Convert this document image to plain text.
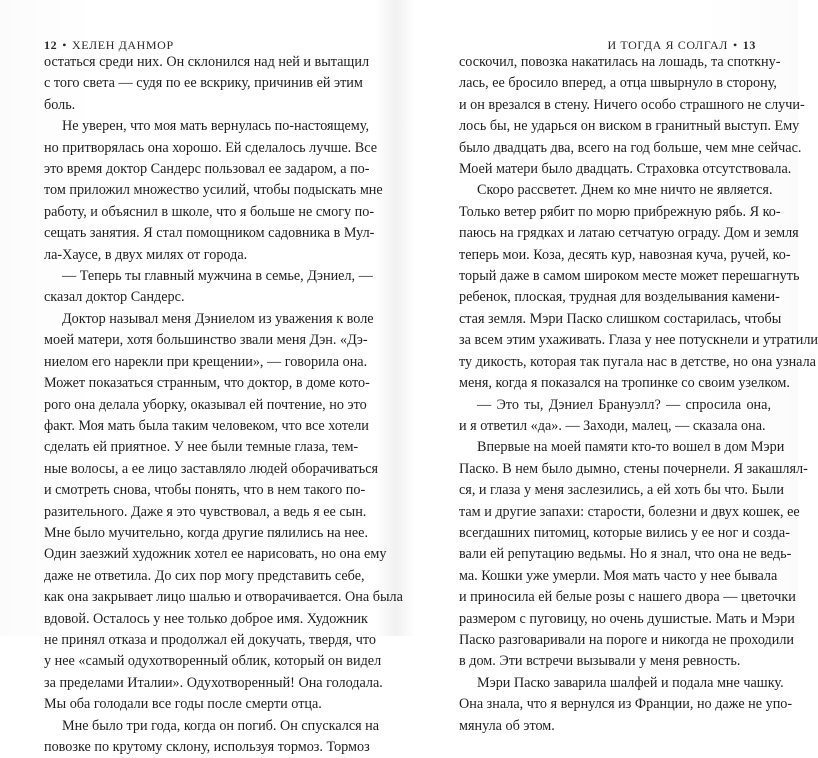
12 • ХЕЛЕН ДАНМОР
остаться среди них. Он склонился над ней и вытащил
с того света — судя по ее вскрику, причинив ей этим
боль.
Не уверен, что моя мать вернулась по-настоящему,
но притворялась она хорошо. Ей сделалось лучше. Все
это время доктор Сандерс пользовал ее задаром, а по-
том приложил множество усилий, чтобы подыскать мне
работу, и объяснил в школе, что я больше не смогу по-
сещать занятия. Я стал помощником садовника в Мул-
ла-Хаусе, в двух милях от города.
— Теперь ты главный мужчина в семье, Дэниел, —
сказал доктор Сандерс.
Доктор называл меня Дэниелом из уважения к воле
моей матери, хотя большинство звали меня Дэн. «Дэ-
ниелом его нарекли при крещении», — говорила она.
Может показаться странным, что доктор, в доме кото-
рого она делала уборку, оказывал ей почтение, но это
факт. Моя мать была таким человеком, что все хотели
сделать ей приятное. У нее были темные глаза, тем-
ные волосы, а ее лицо заставляло людей оборачиваться
и смотреть снова, чтобы понять, что в нем такого по-
разительного. Даже я это чувствовал, а ведь я ее сын.
Мне было мучительно, когда другие пялились на нее.
Один заезжий художник хотел ее нарисовать, но она ему
даже не ответила. До сих пор могу представить себе,
как она закрывает лицо шалью и отворачивается. Она была
вдовой. Осталось у нее только доброе имя. Художник
не принял отказа и продолжал ей докучать, твердя, что
у нее «самый одухотворенный облик, который он видел
за пределами Италии». Одухотворенный! Она голодала.
Мы оба голодали все годы после смерти отца.
Мне было три года, когда он погиб. Он спускался на
повозке по крутому склону, используя тормоз. Тормоз
И ТОГДА Я СОЛГАЛ • 13
соскочил, повозка накатилась на лошадь, та споткну-
лась, ее бросило вперед, а отца швырнуло в сторону,
и он врезался в стену. Ничего особо страшного не случи-
лось бы, не ударься он виском в гранитный выступ. Ему
было двадцать два, всего на год больше, чем мне сейчас.
Моей матери было двадцать. Страховка отсутствовала.
Скоро рассветет. Днем ко мне ничто не является.
Только ветер рябит по морю прибрежную рябь. Я ко-
паюсь на грядках и латаю сетчатую ограду. Дом и земля
теперь мои. Коза, десять кур, навозная куча, ручей, ко-
торый даже в самом широком месте может перешагнуть
ребенок, плоская, трудная для возделывания камени-
стая земля. Мэри Паско слишком состарилась, чтобы
за всем этим ухаживать. Глаза у нее потускнели и утратили
ту дикость, которая так пугала нас в детстве, но она узнала
меня, когда я показался на тропинке со своим узелком.
— Это ты, Дэниел Брануэлл? — спросила она,
и я ответил «да». — Заходи, малец, — сказала она.
Впервые на моей памяти кто-то вошел в дом Мэри
Паско. В нем было дымно, стены почернели. Я закашлял-
ся, и глаза у меня заслезились, а ей хоть бы что. Были
там и другие запахи: старости, болезни и двух кошек, ее
всегдашних питомиц, которые вились у ее ног и созда-
вали ей репутацию ведьмы. Но я знал, что она не ведь-
ма. Кошки уже умерли. Моя мать часто у нее бывала
и приносила ей белые розы с нашего двора — цветочки
размером с пуговицу, но очень душистые. Мать и Мэри
Паско разговаривали на пороге и никогда не проходили
в дом. Эти встречи вызывали у меня ревность.
Мэри Паско заварила шалфей и подала мне чашку.
Она знала, что я вернулся из Франции, но даже не упо-
мянула об этом.
